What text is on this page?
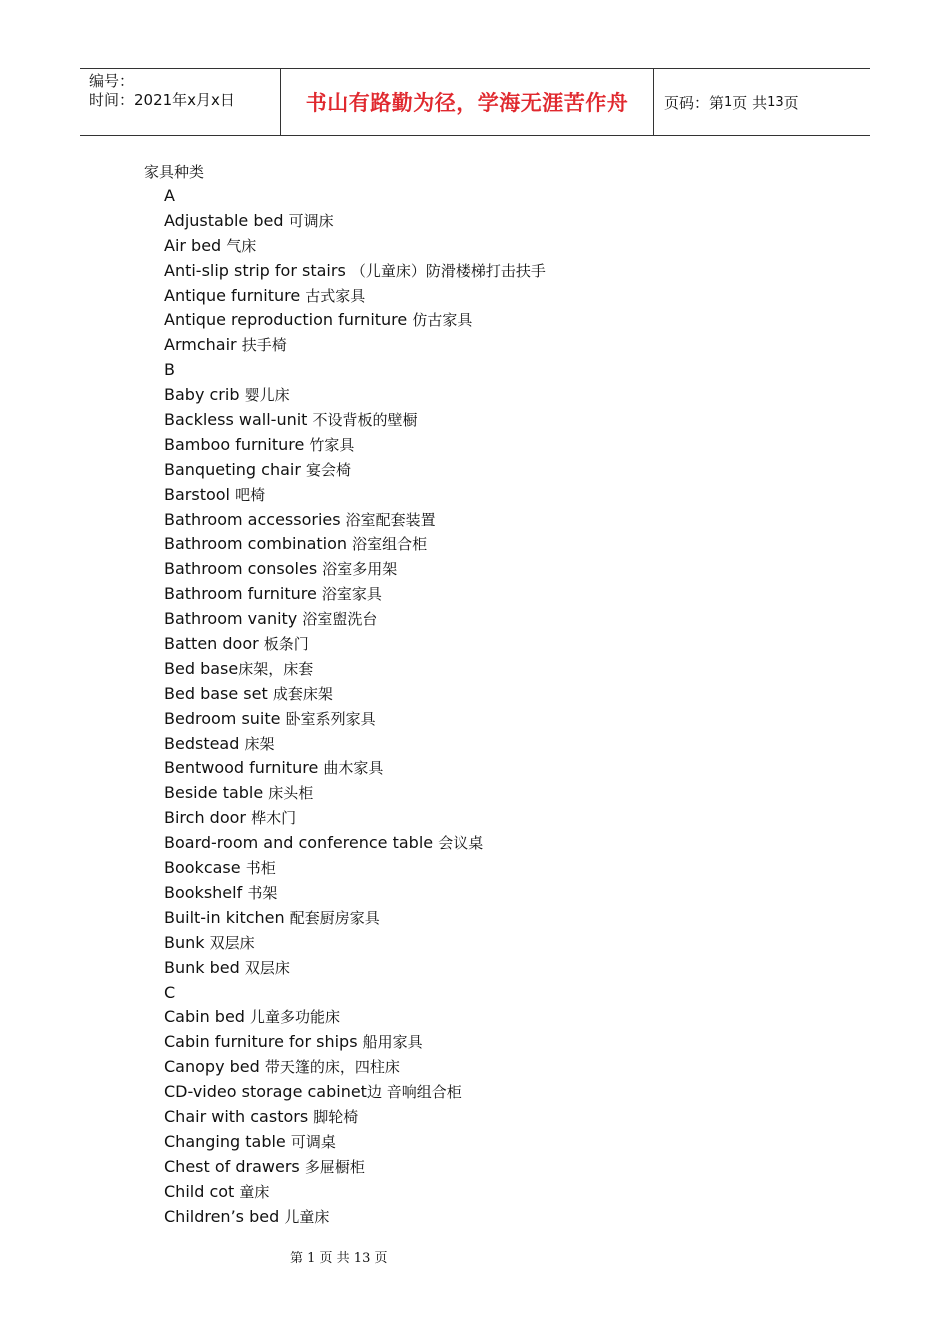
编号：
时间：2021年x月x日	书山有路勤为径，学海无涯苦作舟	页码：第 1 页 共 13 页
家具种类
A
Adjustable bed 可调床
Air bed 气床
Anti-slip strip for stairs （儿童床）防滑楼梯打击扶手
Antique furniture 古式家具
Antique reproduction furniture 仿古家具
Armchair 扶手椅
B
Baby crib 婴儿床
Backless wall-unit 不设背板的壁橱
Bamboo furniture 竹家具
Banqueting chair 宴会椅
Barstool 吧椅
Bathroom accessories 浴室配套装置
Bathroom combination 浴室组合柜
Bathroom consoles 浴室多用架
Bathroom furniture 浴室家具
Bathroom vanity 浴室盥洗台
Batten door 板条门
Bed base床架，床套
Bed base set 成套床架
Bedroom suite 卧室系列家具
Bedstead 床架
Bentwood furniture 曲木家具
Beside table 床头柜
Birch door 桦木门
Board-room and conference table 会议桌
Bookcase 书柜
Bookshelf 书架
Built-in kitchen 配套厨房家具
Bunk 双层床
Bunk bed 双层床
C
Cabin bed 儿童多功能床
Cabin furniture for ships 船用家具
Canopy bed 带天篷的床，四柱床
CD-video storage cabinet边 音响组合柜
Chair with castors 脚轮椅
Changing table 可调桌
Chest of drawers 多屉橱柜
Child cot 童床
Children’s bed 儿童床
第 1 页 共 13 页
